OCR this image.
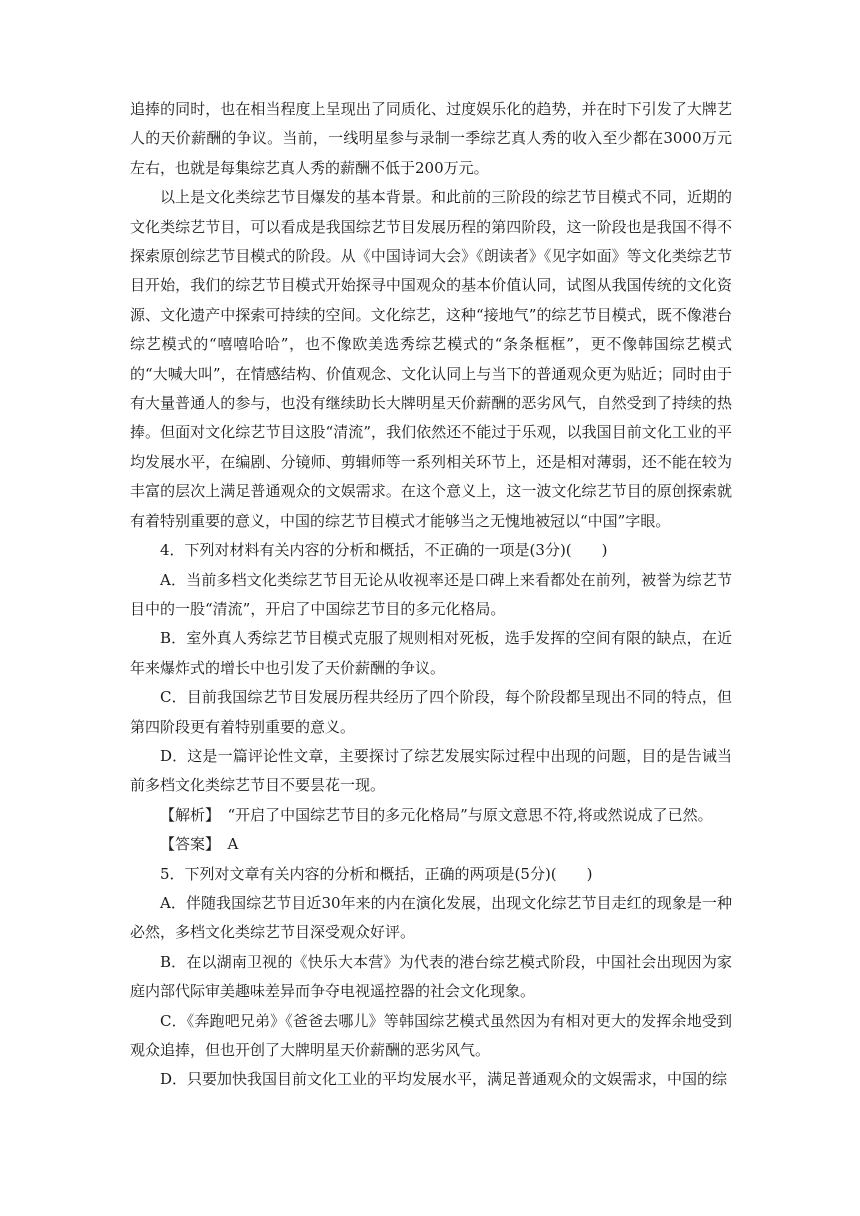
追捧的同时，也在相当程度上呈现出了同质化、过度娱乐化的趋势，并在时下引发了大牌艺人的天价薪酬的争议。当前，一线明星参与录制一季综艺真人秀的收入至少都在3000万元左右，也就是每集综艺真人秀的薪酬不低于200万元。

以上是文化类综艺节目爆发的基本背景。和此前的三阶段的综艺节目模式不同，近期的文化类综艺节目，可以看成是我国综艺节目发展历程的第四阶段，这一阶段也是我国不得不探索原创综艺节目模式的阶段。从《中国诗词大会》《朗读者》《见字如面》等文化类综艺节目开始，我们的综艺节目模式开始探寻中国观众的基本价值认同，试图从我国传统的文化资源、文化遗产中探索可持续的空间。文化综艺，这种“接地气”的综艺节目模式，既不像港台综艺模式的“嘻嘻哈哈”，也不像欧美选秀综艺模式的“条条框框”，更不像韩国综艺模式的“大喊大叫”，在情感结构、价值观念、文化认同上与当下的普通观众更为贴近；同时由于有大量普通人的参与，也没有继续助长大牌明星天价薪酬的恶劣风气，自然受到了持续的热捧。但面对文化综艺节目这股“清流”，我们依然还不能过于乐观，以我国目前文化工业的平均发展水平，在编剧、分镜师、剪辑师等一系列相关环节上，还是相对薄弱，还不能在较为丰富的层次上满足普通观众的文娱需求。在这个意义上，这一波文化综艺节目的原创探索就有着特别重要的意义，中国的综艺节目模式才能够当之无愧地被冠以“中国”字眼。

4．下列对材料有关内容的分析和概括，不正确的一项是(3分)(　　)

A．当前多档文化类综艺节目无论从收视率还是口碑上来看都处在前列，被誉为综艺节目中的一股“清流”，开启了中国综艺节目的多元化格局。

B．室外真人秀综艺节目模式克服了规则相对死板，选手发挥的空间有限的缺点，在近年来爆炸式的增长中也引发了天价薪酬的争议。

C．目前我国综艺节目发展历程共经历了四个阶段，每个阶段都呈现出不同的特点，但第四阶段更有着特别重要的意义。

D．这是一篇评论性文章，主要探讨了综艺发展实际过程中出现的问题，目的是告诫当前多档文化类综艺节目不要昙花一现。

【解析】　“开启了中国综艺节目的多元化格局”与原文意思不符,将或然说成了已然。

【答案】　A

5．下列对文章有关内容的分析和概括，正确的两项是(5分)(　　)

A．伴随我国综艺节目近30年来的内在演化发展，出现文化综艺节目走红的现象是一种必然，多档文化类综艺节目深受观众好评。

B．在以湖南卫视的《快乐大本营》为代表的港台综艺模式阶段，中国社会出现因为家庭内部代际审美趣味差异而争夺电视遥控器的社会文化现象。

C．《奔跑吧兄弟》《爸爸去哪儿》等韩国综艺模式虽然因为有相对更大的发挥余地受到观众追捧，但也开创了大牌明星天价薪酬的恶劣风气。

D．只要加快我国目前文化工业的平均发展水平，满足普通观众的文娱需求，中国的综
